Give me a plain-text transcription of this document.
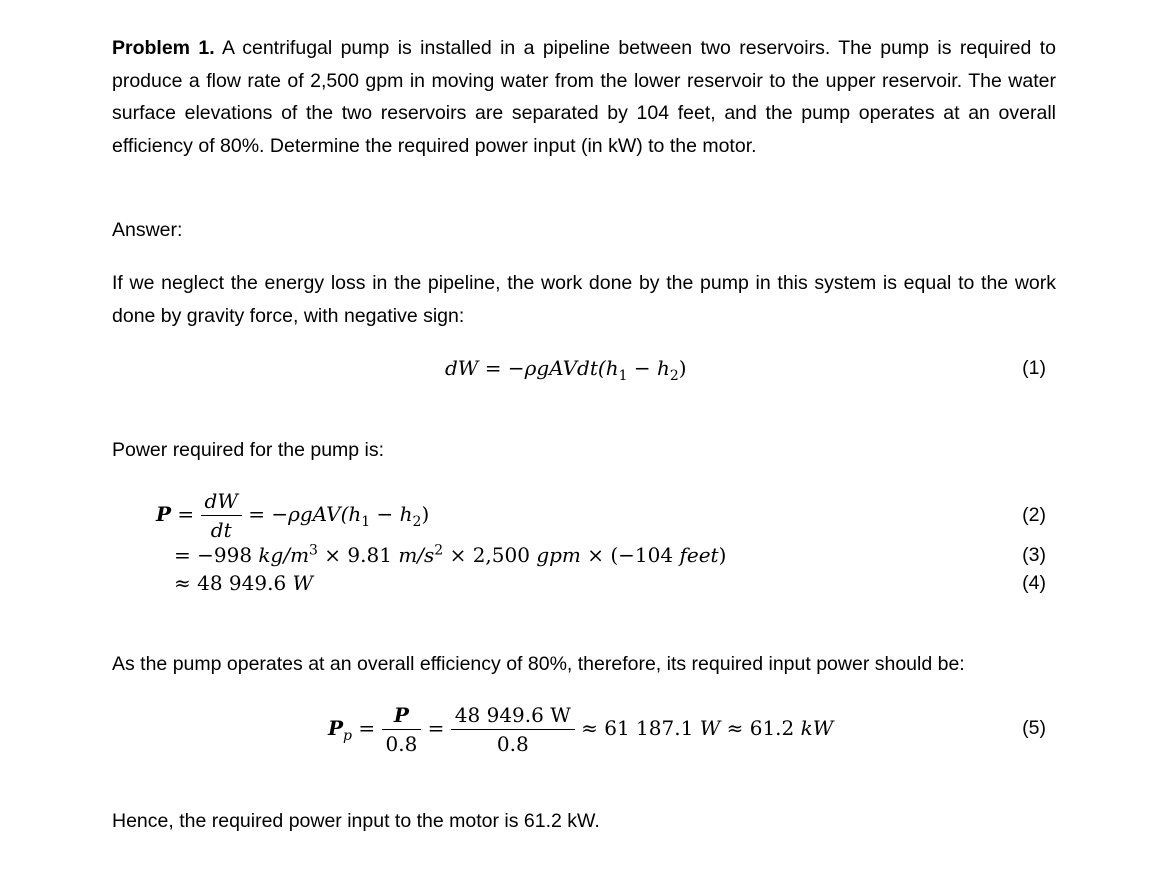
Problem 1. A centrifugal pump is installed in a pipeline between two reservoirs. The pump is required to produce a flow rate of 2,500 gpm in moving water from the lower reservoir to the upper reservoir. The water surface elevations of the two reservoirs are separated by 104 feet, and the pump operates at an overall efficiency of 80%. Determine the required power input (in kW) to the motor.

Answer:

If we neglect the energy loss in the pipeline, the work done by the pump in this system is equal to the work done by gravity force, with negative sign:

dW = $-\rho gAVdt(h_1 - h_2)$	(1)

Power required for the pump is:

$P = \frac{dW}{dt} = -\rho gAV(h_1 - h_2)$	(2)
= −998 $kg/m^3 \times 9.81$ $m/s^2 \times 2,500$ gpm × (−104 feet)	(3)
≈ 48 949.6 W	(4)

As the pump operates at an overall efficiency of 80%, therefore, its required input power should be:

$P_p = \frac{P}{0.8} = \frac{48 949.6 W}{0.8} \approx 61$ 187.1 W ≈ 61.2 kW	(5)

Hence, the required power input to the motor is 61.2 kW.
